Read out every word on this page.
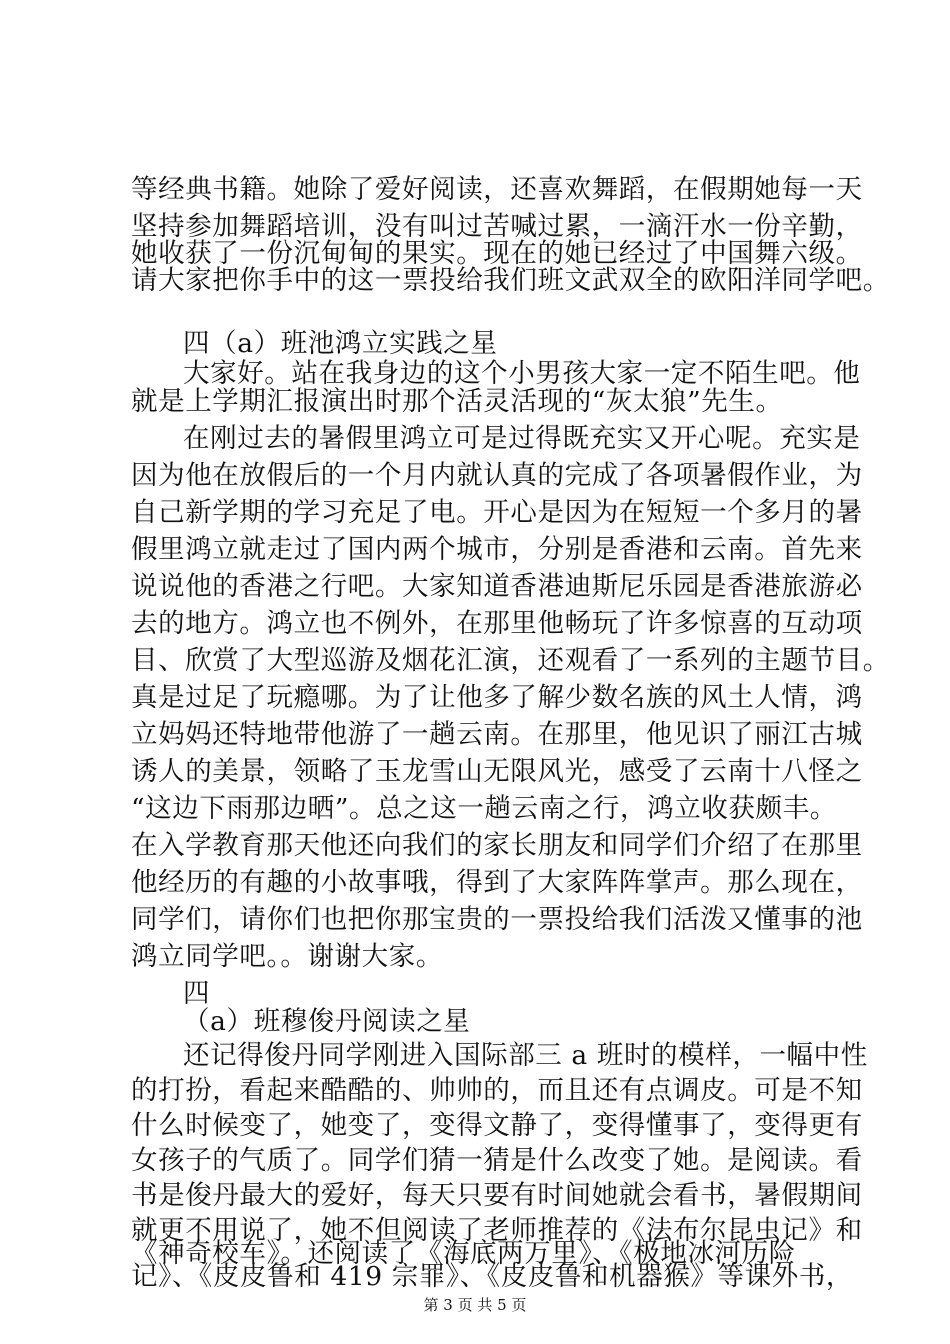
等经典书籍。她除了爱好阅读，还喜欢舞蹈，在假期她每一天
坚持参加舞蹈培训，没有叫过苦喊过累，一滴汗水一份辛勤，
她收获了一份沉甸甸的果实。现在的她已经过了中国舞六级。
请大家把你手中的这一票投给我们班文武双全的欧阳洋同学吧。
四（a）班池鸿立实践之星
大家好。站在我身边的这个小男孩大家一定不陌生吧。他
就是上学期汇报演出时那个活灵活现的“灰太狼”先生。
在刚过去的暑假里鸿立可是过得既充实又开心呢。充实是
因为他在放假后的一个月内就认真的完成了各项暑假作业，为
自己新学期的学习充足了电。开心是因为在短短一个多月的暑
假里鸿立就走过了国内两个城市，分别是香港和云南。首先来
说说他的香港之行吧。大家知道香港迪斯尼乐园是香港旅游必
去的地方。鸿立也不例外，在那里他畅玩了许多惊喜的互动项
目、欣赏了大型巡游及烟花汇演，还观看了一系列的主题节目。
真是过足了玩瘾哪。为了让他多了解少数名族的风土人情，鸿
立妈妈还特地带他游了一趟云南。在那里，他见识了丽江古城
诱人的美景，领略了玉龙雪山无限风光，感受了云南十八怪之
“这边下雨那边晒”。总之这一趟云南之行，鸿立收获颇丰。
在入学教育那天他还向我们的家长朋友和同学们介绍了在那里
他经历的有趣的小故事哦，得到了大家阵阵掌声。那么现在，
同学们，请你们也把你那宝贵的一票投给我们活泼又懂事的池
鸿立同学吧。。谢谢大家。
四
（a）班穆俊丹阅读之星
还记得俊丹同学刚进入国际部三 a 班时的模样，一幅中性
的打扮，看起来酷酷的、帅帅的，而且还有点调皮。可是不知
什么时候变了，她变了，变得文静了，变得懂事了，变得更有
女孩子的气质了。同学们猜一猜是什么改变了她。是阅读。看
书是俊丹最大的爱好，每天只要有时间她就会看书，暑假期间
就更不用说了，她不但阅读了老师推荐的《法布尔昆虫记》和
《神奇校车》。还阅读了《海底两万里》、《极地冰河历险
记》、《皮皮鲁和 419 宗罪》、《皮皮鲁和机器猴》等课外书，
第 3 页 共 5 页
